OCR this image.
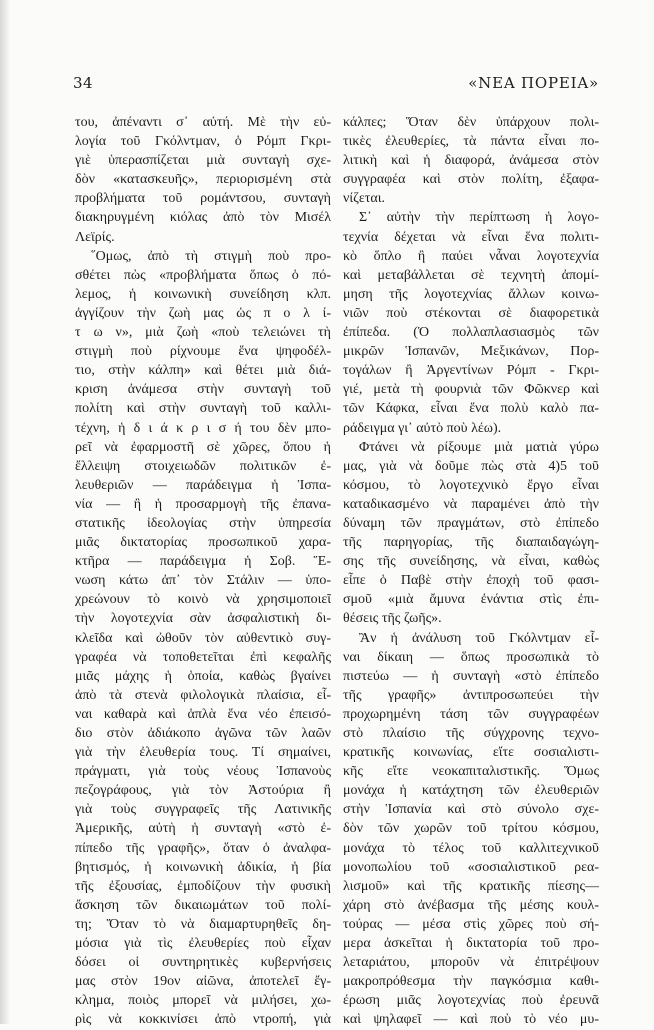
34	«ΝΕΑ ΠΟΡΕΙΑ»
του, ἀπέναντι σ᾿ αὐτή. Μὲ τὴν εὐ-
λογία τοῦ Γκόλντμαν, ὁ Ρόμπ Γκρι-
γιὲ ὑπερασπίζεται μιὰ συνταγὴ σχε-
δὸν «κατασκευῆς», περιορισμένη στὰ
προβλήματα τοῦ ρομάντσου, συνταγὴ
διακηρυγμένη κιόλας ἀπὸ τὸν Μισέλ
Λεϊρίς.
῞Ομως, ἀπὸ τὴ στιγμὴ ποὺ προ-
σθέτει πὼς «προβλήματα ὅπως ὁ πό-
λεμος, ἡ κοινωνικὴ συνείδηση κλπ.
ἀγγίζουν τὴν ζωὴ μας ὡς π ο λ ί-
τ ω ν», μιὰ ζωὴ «ποὺ τελειώνει τὴ
στιγμὴ ποὺ ρίχνουμε ἕνα ψηφοδέλ-
τιο, στὴν κάλπη» καὶ θέτει μιὰ διά-
κριση ἀνάμεσα στὴν συνταγὴ τοῦ
πολίτη καὶ στὴν συνταγὴ τοῦ καλλι-
τέχνη, ἡ δ ι ά κ ρ ι σ ή του δὲν μπο-
ρεῖ νὰ ἐφαρμοστῆ σὲ χῶρες, ὅπου ἡ
ἔλλειψη στοιχειωδῶν πολιτικῶν ἐ-
λευθεριῶν — παράδειγμα ἡ Ἱσπα-
νία — ἢ ἡ προσαρμογὴ τῆς ἐπανα-
στατικῆς ἰδεολογίας στὴν ὑπηρεσία
μιᾶς δικτατορίας προσωπικοῦ χαρα-
κτῆρα — παράδειγμα ἡ Σοβ. Ἕ-
νωση κάτω ἀπ᾿ τὸν Στάλιν — ὑπο-
χρεώνουν τὸ κοινὸ νὰ χρησιμοποιεῖ
τὴν λογοτεχνία σὰν ἀσφαλιστικὴ δι-
κλεῖδα καὶ ὠθοῦν τὸν αὐθεντικὸ συγ-
γραφέα νὰ τοποθετεῖται ἐπὶ κεφαλῆς
μιᾶς μάχης ἡ ὁποία, καθὼς βγαίνει
ἀπὸ τὰ στενὰ φιλολογικὰ πλαίσια, εἶ-
ναι καθαρὰ καὶ ἁπλὰ ἕνα νέο ἐπεισό-
διο στὸν ἀδιάκοπο ἀγῶνα τῶν λαῶν
γιὰ τὴν ἐλευθερία τους. Τί σημαίνει,
πράγματι, γιὰ τοὺς νέους Ἱσπανοὺς
πεζογράφους, γιὰ τὸν Ἀστούρια ἢ
γιὰ τοὺς συγγραφεῖς τῆς Λατινικῆς
Ἀμερικῆς, αὐτὴ ἡ συνταγὴ «στὸ ἐ-
πίπεδο τῆς γραφῆς», ὅταν ὁ ἀναλφα-
βητισμός, ἡ κοινωνικὴ ἀδικία, ἡ βία
τῆς ἐξουσίας, ἐμποδίζουν τὴν φυσικὴ
ἄσκηση τῶν δικαιωμάτων τοῦ πολί-
τη; Ὅταν τὸ νὰ διαμαρτυρηθεῖς δη-
μόσια γιὰ τὶς ἐλευθερίες ποὺ εἶχαν
δόσει οἱ συντηρητικὲς κυβερνήσεις
μας στὸν 19ον αἰῶνα, ἀποτελεῖ ἔγ-
κλημα, ποιὸς μπορεῖ νὰ μιλήσει, χω-
ρὶς νὰ κοκκινίσει ἀπὸ ντροπή, γιὰ
κάλπες; Ὅταν δὲν ὑπάρχουν πολι-
τικὲς ἐλευθερίες, τὰ πάντα εἶναι πο-
λιτικὴ καὶ ἡ διαφορά, ἀνάμεσα στὸν
συγγραφέα καὶ στὸν πολίτη, ἐξαφα-
νίζεται.
Σ᾿ αὐτὴν τὴν περίπτωση ἡ λογο-
τεχνία δέχεται νὰ εἶναι ἕνα πολιτι-
κὸ ὅπλο ἢ παύει νἆναι λογοτεχνία
καὶ μεταβάλλεται σὲ τεχνητὴ ἀπομί-
μηση τῆς λογοτεχνίας ἄλλων κοινω-
νιῶν ποὺ στέκονται σὲ διαφορετικὰ
ἐπίπεδα. (Ὁ πολλαπλασιασμὸς τῶν
μικρῶν Ἱσπανῶν, Μεξικάνων, Πορ-
τογάλων ἢ Ἀργεντίνων Ρόμπ - Γκρι-
γιέ, μετὰ τὴ φουρνιὰ τῶν Φῶκνερ καὶ
τῶν Κάφκα, εἶναι ἕνα πολὺ καλὸ πα-
ράδειγμα γι᾿ αὐτὸ ποὺ λέω).
Φτάνει νὰ ρίξουμε μιὰ ματιὰ γύρω
μας, γιὰ νὰ δοῦμε πὼς στὰ 4)5 τοῦ
κόσμου, τὸ λογοτεχνικὸ ἔργο εἶναι
καταδικασμένο νὰ παραμένει ἀπὸ τὴν
δύναμη τῶν πραγμάτων, στὸ ἐπίπεδο
τῆς παρηγορίας, τῆς διαπαιδαγώγη-
σης τῆς συνείδησης, νὰ εἶναι, καθὼς
εἶπε ὁ Παβὲ στὴν ἐποχὴ τοῦ φασι-
σμοῦ «μιὰ ἄμυνα ἐνάντια στὶς ἐπι-
θέσεις τῆς ζωῆς».
Ἂν ἡ ἀνάλυση τοῦ Γκόλντμαν εἶ-
ναι δίκαιη — ὅπως προσωπικὰ τὸ
πιστεύω — ἡ συνταγὴ «στὸ ἐπίπεδο
τῆς γραφῆς» ἀντιπροσωπεύει τὴν
προχωρημένη τάση τῶν συγγραφέων
στὸ πλαίσιο τῆς σύγχρονης τεχνο-
κρατικῆς κοινωνίας, εἴτε σοσιαλιστι-
κῆς εἴτε νεοκαπιταλιστικῆς. Ὅμως
μονάχα ἡ κατάχτηση τῶν ἐλευθεριῶν
στὴν Ἱσπανία καὶ στὸ σύνολο σχε-
δὸν τῶν χωρῶν τοῦ τρίτου κόσμου,
μονάχα τὸ τέλος τοῦ καλλιτεχνικοῦ
μονοπωλίου τοῦ «σοσιαλιστικοῦ ρεα-
λισμοῦ» καὶ τῆς κρατικῆς πίεσης—
χάρη στὸ ἀνέβασμα τῆς μέσης κουλ-
τούρας — μέσα στὶς χῶρες ποὺ σή-
μερα ἀσκεῖται ἡ δικτατορία τοῦ προ-
λεταριάτου, μποροῦν νὰ ἐπιτρέψουν
μακροπρόθεσμα τὴν παγκόσμια καθι-
έρωση μιᾶς λογοτεχνίας ποὺ ἐρευνᾶ
καὶ ψηλαφεῖ — καὶ ποὺ τὸ νέο μυ-
